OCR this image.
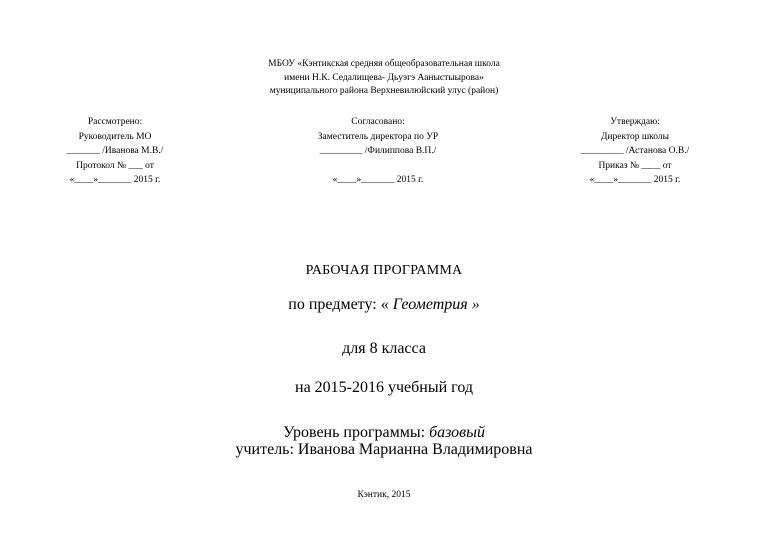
МБОУ «Кэнтикская средняя общеобразовательная школа
имени Н.К. Седалищева- Дьуэгэ Ааныстыырова»
муниципального района Верхневилюйский улус (район)
Рассмотрено:
Руководитель МО
_______ /Иванова М.В./
Протокол № ___ от
«____»_______ 2015 г.
Согласовано:
Заместитель директора по УР
_________ /Филиппова В.П./

«____»_______ 2015 г.
Утверждаю:
Директор школы
_________ /Астанова О.В./
Приказ № ____ от
«____»_______ 2015 г.
РАБОЧАЯ ПРОГРАММА
по предмету: « Геометрия »
для 8 класса
на 2015-2016 учебный год
Уровень программы: базовый
учитель: Иванова Марианна Владимировна
Кэнтик, 2015
